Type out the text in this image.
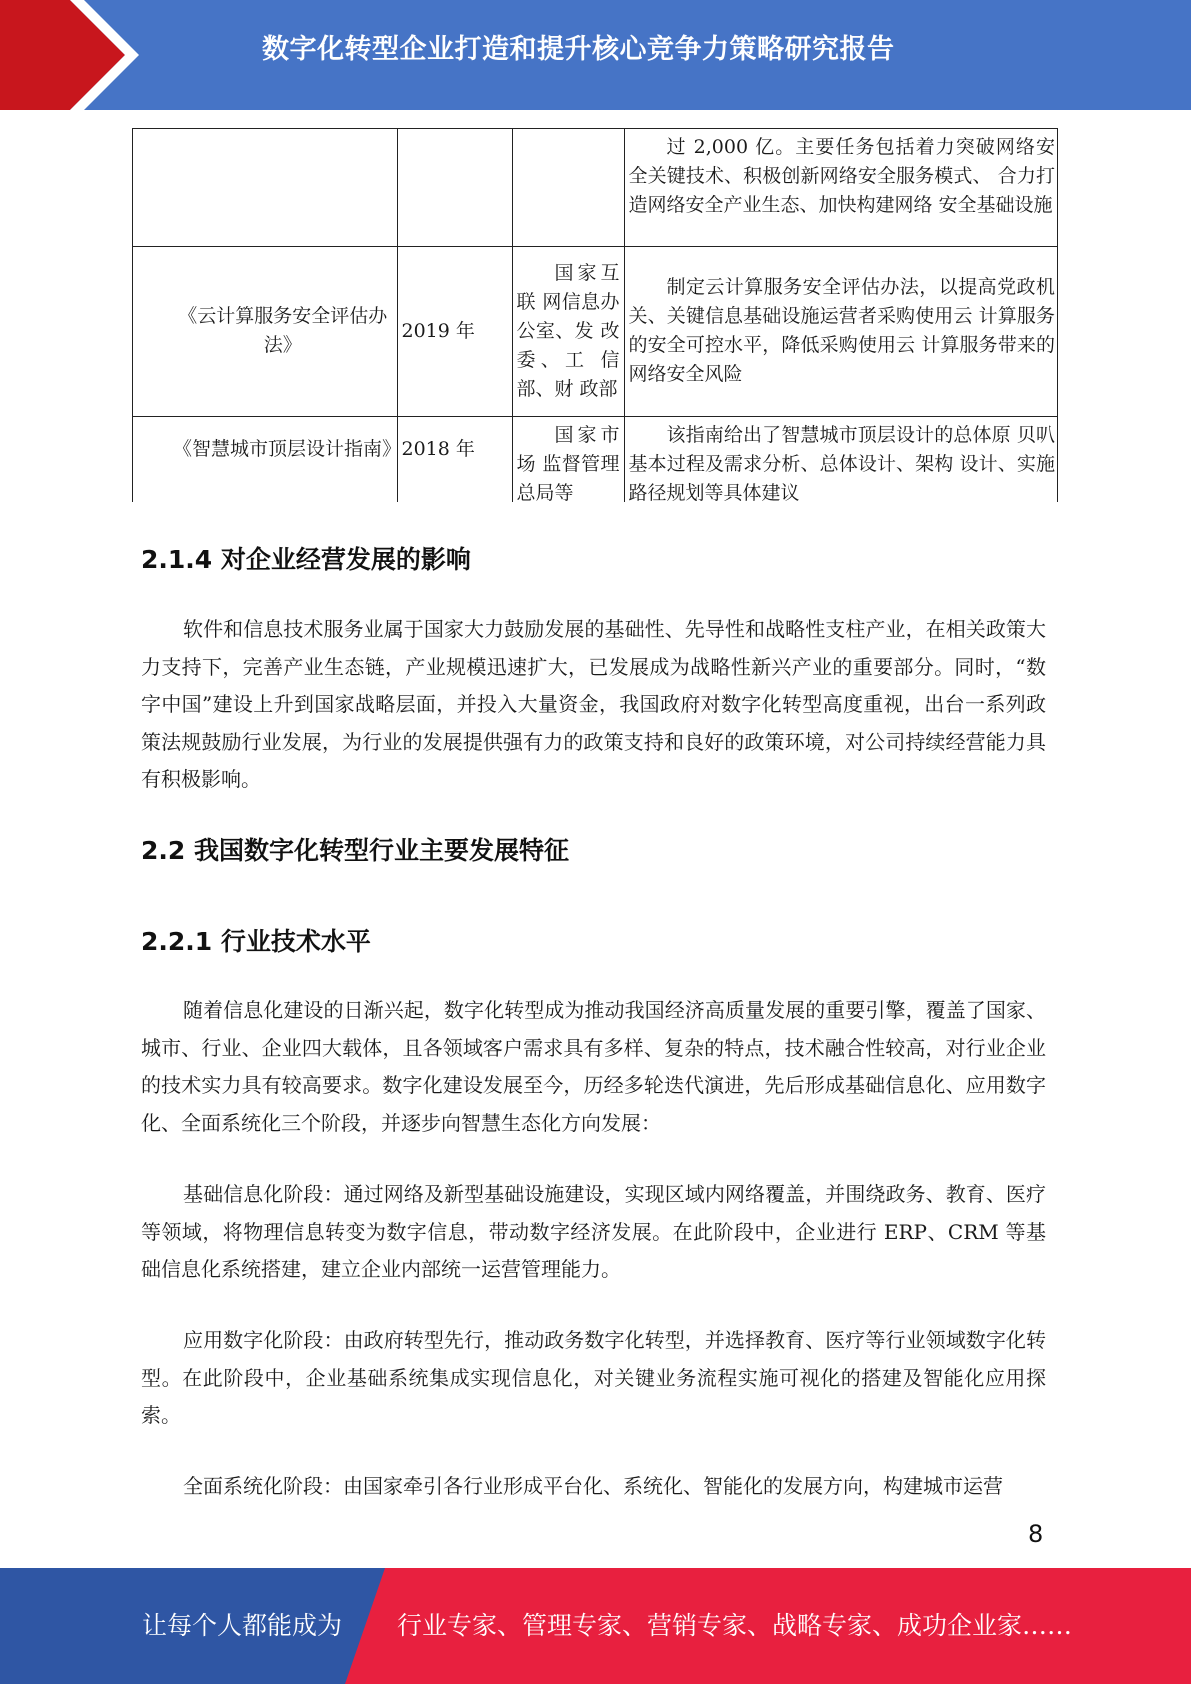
数字化转型企业打造和提升核心竞争力策略研究报告
			过 2,000 亿。主要任务包括着力突破网络安全关键技术、积极创新网络安全服务模式、 合力打造网络安全产业生态、加快构建网络 安全基础设施
《云计算服务安全评估办法》	2019 年	国家互联 网信息办 公室、发 改委、工 信部、财 政部	制定云计算服务安全评估办法，以提高党政机关、关键信息基础设施运营者采购使用云 计算服务的安全可控水平，降低采购使用云 计算服务带来的网络安全风险
《智慧城市顶层设计指南》	2018 年	国家市场 监督管理 总局等	该指南给出了智慧城市顶层设计的总体原 贝叭基本过程及需求分析、总体设计、架构 设计、实施路径规划等具体建议
2.1.4 对企业经营发展的影响
软件和信息技术服务业属于国家大力鼓励发展的基础性、先导性和战略性支柱产业，在相关政策大力支持下，完善产业生态链，产业规模迅速扩大，已发展成为战略性新兴产业的重要部分。同时，“数字中国”建设上升到国家战略层面，并投入大量资金，我国政府对数字化转型高度重视，出台一系列政策法规鼓励行业发展，为行业的发展提供强有力的政策支持和良好的政策环境，对公司持续经营能力具有积极影响。
2.2 我国数字化转型行业主要发展特征
2.2.1 行业技术水平
随着信息化建设的日渐兴起，数字化转型成为推动我国经济高质量发展的重要引擎，覆盖了国家、城市、行业、企业四大载体，且各领域客户需求具有多样、复杂的特点，技术融合性较高，对行业企业的技术实力具有较高要求。数字化建设发展至今，历经多轮迭代演进，先后形成基础信息化、应用数字化、全面系统化三个阶段，并逐步向智慧生态化方向发展：
基础信息化阶段：通过网络及新型基础设施建设，实现区域内网络覆盖，并围绕政务、教育、医疗等领域，将物理信息转变为数字信息，带动数字经济发展。在此阶段中，企业进行 ERP、CRM 等基础信息化系统搭建，建立企业内部统一运营管理能力。
应用数字化阶段：由政府转型先行，推动政务数字化转型，并选择教育、医疗等行业领域数字化转型。在此阶段中，企业基础系统集成实现信息化，对关键业务流程实施可视化的搭建及智能化应用探索。
全面系统化阶段：由国家牵引各行业形成平台化、系统化、智能化的发展方向，构建城市运营
8
让每个人都能成为 行业专家、管理专家、营销专家、战略专家、成功企业家……
